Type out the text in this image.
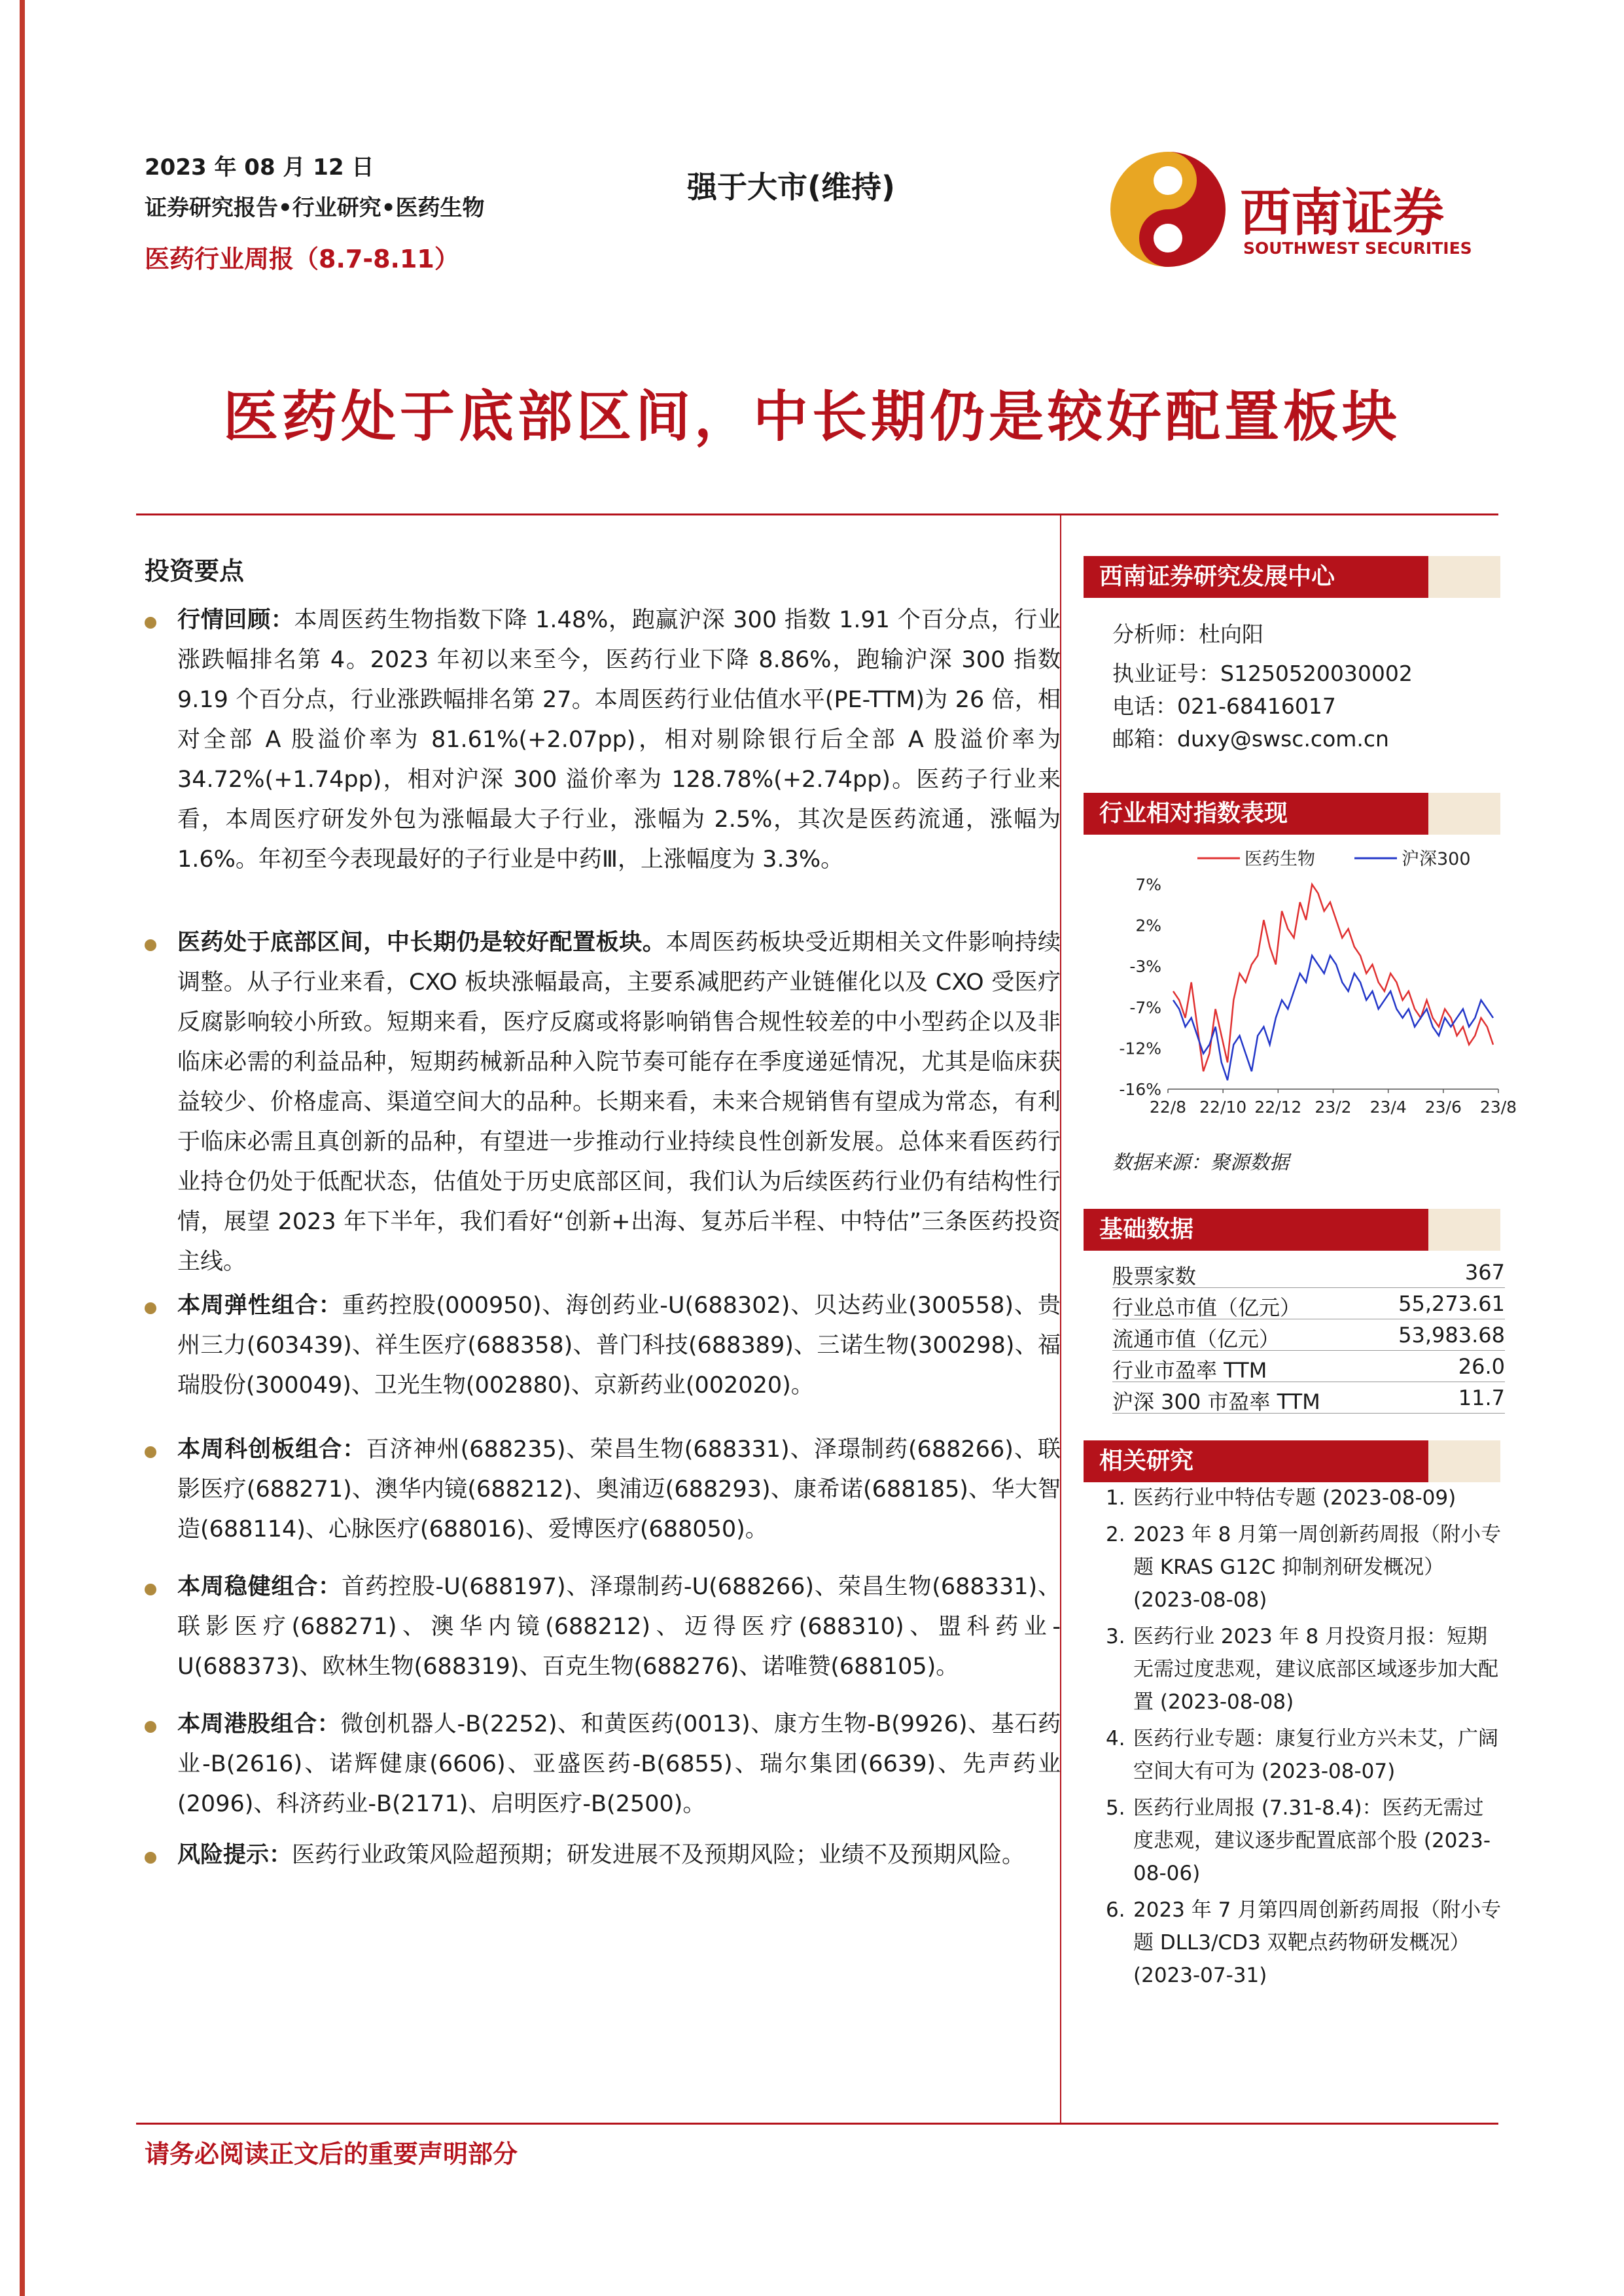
2023 年 08 月 12 日
证券研究报告•行业研究•医药生物
医药行业周报（8.7-8.11）
强于大市(维持)	西南证券
SOUTHWEST SECURITIES
医药处于底部区间，中长期仍是较好配置板块
投资要点
行情回顾：本周医药生物指数下降 1.48%，跑赢沪深 300 指数 1.91 个百分点，行业涨跌幅排名第 4。2023 年初以来至今，医药行业下降 8.86%，跑输沪深 300 指数 9.19 个百分点，行业涨跌幅排名第 27。本周医药行业估值水平(PE-TTM)为 26 倍，相对全部 A 股溢价率为 81.61%(+2.07pp)，相对剔除银行后全部 A 股溢价率为 34.72%(+1.74pp)，相对沪深 300 溢价率为 128.78%(+2.74pp)。医药子行业来看，本周医疗研发外包为涨幅最大子行业，涨幅为 2.5%，其次是医药流通，涨幅为 1.6%。年初至今表现最好的子行业是中药Ⅲ，上涨幅度为 3.3%。
医药处于底部区间，中长期仍是较好配置板块。本周医药板块受近期相关文件影响持续调整。从子行业来看，CXO 板块涨幅最高，主要系减肥药产业链催化以及 CXO 受医疗反腐影响较小所致。短期来看，医疗反腐或将影响销售合规性较差的中小型药企以及非临床必需的利益品种，短期药械新品种入院节奏可能存在季度递延情况，尤其是临床获益较少、价格虚高、渠道空间大的品种。长期来看，未来合规销售有望成为常态，有利于临床必需且真创新的品种，有望进一步推动行业持续良性创新发展。总体来看医药行业持仓仍处于低配状态，估值处于历史底部区间，我们认为后续医药行业仍有结构性行情，展望 2023 年下半年，我们看好“创新+出海、复苏后半程、中特估”三条医药投资主线。
本周弹性组合：重药控股(000950)、海创药业-U(688302)、贝达药业(300558)、贵州三力(603439)、祥生医疗(688358)、普门科技(688389)、三诺生物(300298)、福瑞股份(300049)、卫光生物(002880)、京新药业(002020)。
本周科创板组合：百济神州(688235)、荣昌生物(688331)、泽璟制药(688266)、联影医疗(688271)、澳华内镜(688212)、奥浦迈(688293)、康希诺(688185)、华大智造(688114)、心脉医疗(688016)、爱博医疗(688050)。
本周稳健组合：首药控股-U(688197)、泽璟制药-U(688266)、荣昌生物(688331)、联影医疗(688271)、澳华内镜(688212)、迈得医疗(688310)、盟科药业-U(688373)、欧林生物(688319)、百克生物(688276)、诺唯赞(688105)。
本周港股组合：微创机器人-B(2252)、和黄医药(0013)、康方生物-B(9926)、基石药业-B(2616)、诺辉健康(6606)、亚盛医药-B(6855)、瑞尔集团(6639)、先声药业(2096)、科济药业-B(2171)、启明医疗-B(2500)。
风险提示：医药行业政策风险超预期；研发进展不及预期风险；业绩不及预期风险。
西南证券研究发展中心
分析师：杜向阳
执业证号：S1250520030002
电话：021-68416017
邮箱：duxy@swsc.com.cn
行业相对指数表现
医药生物	沪深300
7%
2%
-3%
-7%
-12%
-16%
22/8 22/10 22/12 23/2 23/4 23/6 23/8
数据来源：聚源数据
基础数据
股票家数	367
行业总市值（亿元）	55,273.61
流通市值（亿元）	53,983.68
行业市盈率 TTM	26.0
沪深 300 市盈率 TTM	11.7
相关研究
1. 医药行业中特估专题 (2023-08-09)
2. 2023 年 8 月第一周创新药周报（附小专题 KRAS G12C 抑制剂研发概况） (2023-08-08)
3. 医药行业 2023 年 8 月投资月报：短期无需过度悲观，建议底部区域逐步加大配置 (2023-08-08)
4. 医药行业专题：康复行业方兴未艾，广阔空间大有可为 (2023-08-07)
5. 医药行业周报 (7.31-8.4)：医药无需过度悲观，建议逐步配置底部个股 (2023-08-06)
6. 2023 年 7 月第四周创新药周报（附小专题 DLL3/CD3 双靶点药物研发概况） (2023-07-31)
请务必阅读正文后的重要声明部分
